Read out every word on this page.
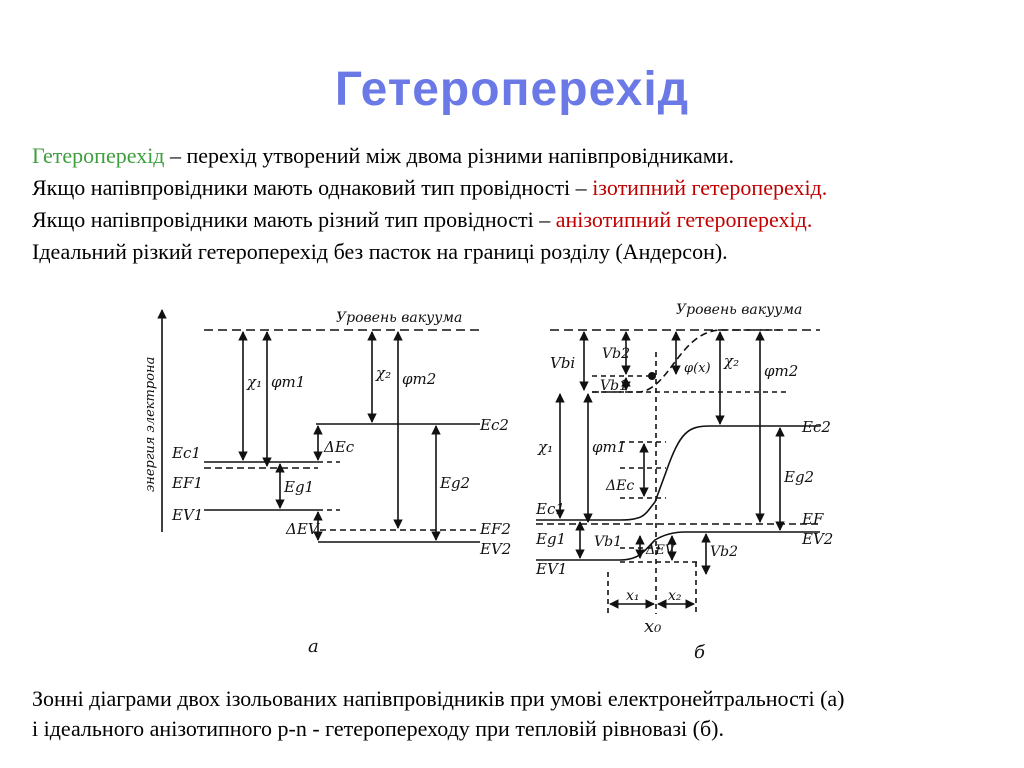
Гетероперехід
Гетероперехід – перехід утворений між двома різними напівпровідниками.
Якщо напівпровідники мають однаковий тип провідності – ізотипний гетероперехід.
Якщо напівпровідники мають різний тип провідності – анізотипний гетероперехід.
Ідеальний різкий гетероперехід без пасток на границі розділу (Андерсон).
энергия электрона
Уровень вакуума
χ₁ φm1	χ₂ φm2
Ec1
EF1
EV1
Eg1
ΔEc
ΔEV
Ec2
Eg2
EF2
EV2
а
Уровень вакуума
Vbi Vb2
Vb1
φ(x) χ₂
φm2
χ₁	φm1
ΔEc
Ec1
Eg1 Vb1
EV1
ΔEV	Vb2
Ec2
Eg2
EF
EV2
x₁ x₂
x₀
б
Зонні діаграми двох ізольованих напівпровідників при умові електронейтральності (а)
і ідеального анізотипного p-n - гетеропереходу при тепловій рівновазі (б).
